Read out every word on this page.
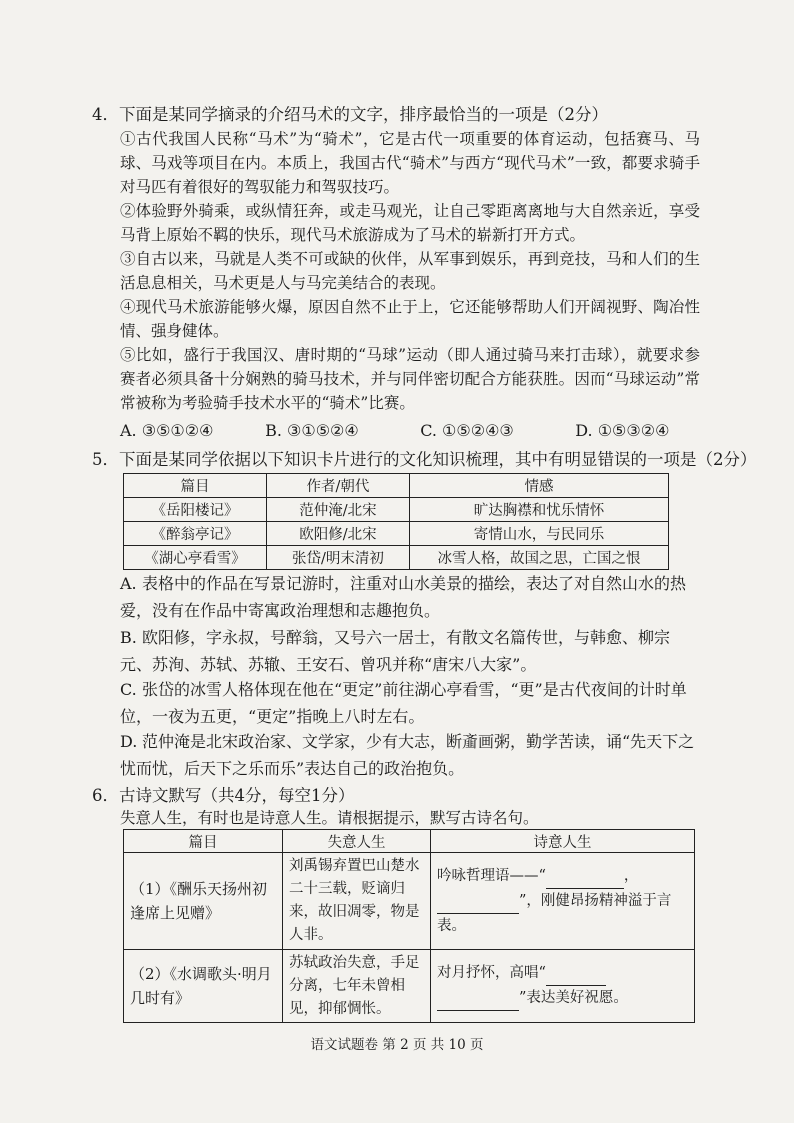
4．下面是某同学摘录的介绍马术的文字，排序最恰当的一项是（2分）
①古代我国人民称“马术”为“骑术”，它是古代一项重要的体育运动，包括赛马、马球、马戏等项目在内。本质上，我国古代“骑术”与西方“现代马术”一致，都要求骑手对马匹有着很好的驾驭能力和驾驭技巧。
②体验野外骑乘，或纵情狂奔，或走马观光，让自己零距离离地与大自然亲近，享受马背上原始不羁的快乐，现代马术旅游成为了马术的崭新打开方式。
③自古以来，马就是人类不可或缺的伙伴，从军事到娱乐，再到竞技，马和人们的生活息息相关，马术更是人与马完美结合的表现。
④现代马术旅游能够火爆，原因自然不止于上，它还能够帮助人们开阔视野、陶冶性情、强身健体。
⑤比如，盛行于我国汉、唐时期的“马球”运动（即人通过骑马来打击球），就要求参赛者必须具备十分娴熟的骑马技术，并与同伴密切配合方能获胜。因而“马球运动”常常被称为考验骑手技术水平的“骑术”比赛。
A. ③⑤①②④	B. ③①⑤②④	C. ①⑤②④③	D. ①⑤③②④
5．下面是某同学依据以下知识卡片进行的文化知识梳理，其中有明显错误的一项是（2分）
篇目	作者/朝代	情感
《岳阳楼记》	范仲淹/北宋	旷达胸襟和忧乐情怀
《醉翁亭记》	欧阳修/北宋	寄情山水，与民同乐
《湖心亭看雪》	张岱/明末清初	冰雪人格，故国之思，亡国之恨
A. 表格中的作品在写景记游时，注重对山水美景的描绘，表达了对自然山水的热爱，没有在作品中寄寓政治理想和志趣抱负。
B. 欧阳修，字永叔，号醉翁，又号六一居士，有散文名篇传世，与韩愈、柳宗元、苏洵、苏轼、苏辙、王安石、曾巩并称“唐宋八大家”。
C. 张岱的冰雪人格体现在他在“更定”前往湖心亭看雪，“更”是古代夜间的计时单位，一夜为五更，“更定”指晚上八时左右。
D. 范仲淹是北宋政治家、文学家，少有大志，断齑画粥，勤学苦读，诵“先天下之忧而忧，后天下之乐而乐”表达自己的政治抱负。
6．古诗文默写（共4分，每空1分）
失意人生，有时也是诗意人生。请根据提示，默写古诗名句。
篇目	失意人生	诗意人生
（1）《酬乐天扬州初逢席上见赠》	刘禹锡弃置巴山楚水二十三载，贬谪归来，故旧凋零，物是人非。	吟咏哲理语——“ ，
”，刚健昂扬精神溢于言表。
（2）《水调歌头·明月几时有》	苏轼政治失意，手足分离，七年未曾相见，抑郁惆怅。	对月抒怀，高唱“
”表达美好祝愿。
语文试题卷 第 2 页 共 10 页
